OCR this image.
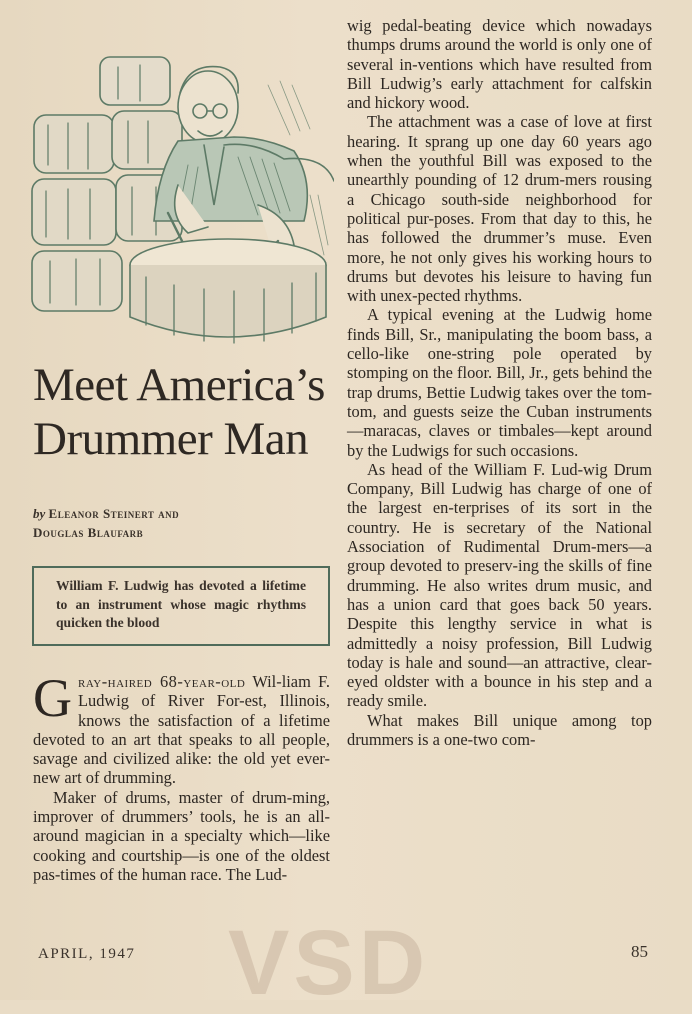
Meet America’s
Drummer Man
by Eleanor Steinert and
Douglas Blaufarb
William F. Ludwig has devoted a lifetime to an instrument whose magic rhythms quicken the blood

Gray-haired 68-year-old Wil-liam F. Ludwig of River For-est, Illinois, knows the satisfaction of a lifetime devoted to an art that speaks to all people, savage and civilized alike: the old yet ever-new art of drumming.

Maker of drums, master of drum-ming, improver of drummers’ tools, he is an all-around magician in a specialty which—like cooking and courtship—is one of the oldest pas-times of the human race. The Lud-

wig pedal-beating device which nowadays thumps drums around the world is only one of several in-ventions which have resulted from Bill Ludwig’s early attachment for calfskin and hickory wood.

The attachment was a case of love at first hearing. It sprang up one day 60 years ago when the youthful Bill was exposed to the unearthly pounding of 12 drum-mers rousing a Chicago south-side neighborhood for political pur-poses. From that day to this, he has followed the drummer’s muse. Even more, he not only gives his working hours to drums but devotes his leisure to having fun with unex-pected rhythms.

A typical evening at the Ludwig home finds Bill, Sr., manipulating the boom bass, a cello-like one-string pole operated by stomping on the floor. Bill, Jr., gets behind the trap drums, Bettie Ludwig takes over the tom-tom, and guests seize the Cuban instruments—maracas, claves or timbales—kept around by the Ludwigs for such occasions.

As head of the William F. Lud-wig Drum Company, Bill Ludwig has charge of one of the largest en-terprises of its sort in the country. He is secretary of the National Association of Rudimental Drum-mers—a group devoted to preserv-ing the skills of fine drumming. He also writes drum music, and has a union card that goes back 50 years. Despite this lengthy service in what is admittedly a noisy profession, Bill Ludwig today is hale and sound—an attractive, clear-eyed oldster with a bounce in his step and a ready smile.

What makes Bill unique among top drummers is a one-two com-

VSD
APRIL, 1947	85
